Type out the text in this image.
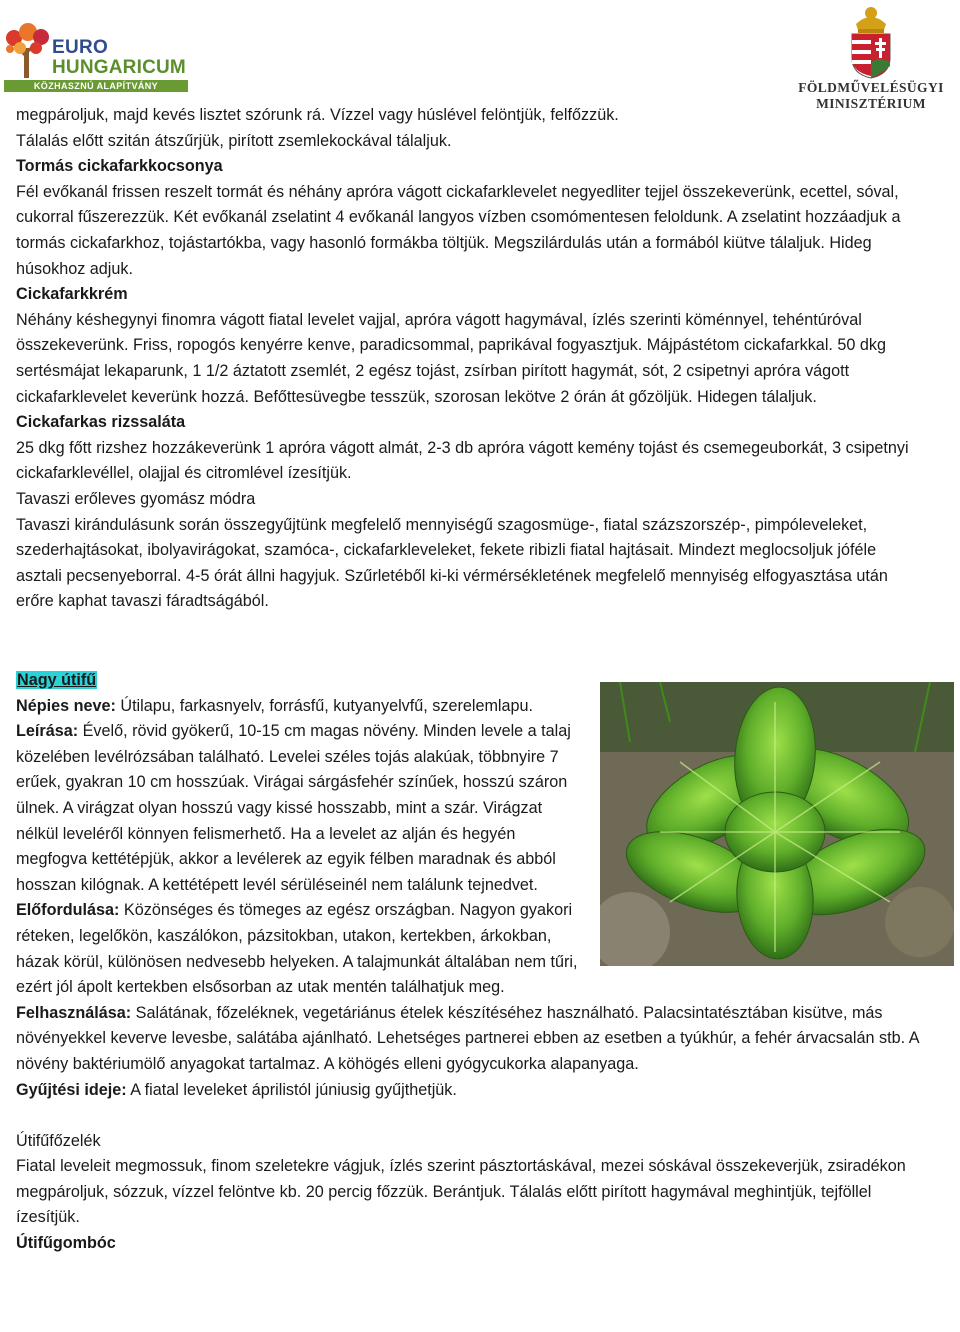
EURO
HUNGARICUM
KÖZHASZNÚ ALAPÍTVÁNY	FÖLDMŰVELÉSÜGYI
MINISZTÉRIUM

megpároljuk, majd kevés lisztet szórunk rá. Vízzel vagy húslével felöntjük, felfőzzük.

Tálalás előtt szitán átszűrjük, pirított zsemlekockával tálaljuk.

Tormás cickafarkkocsonya

Fél evőkanál frissen reszelt tormát és néhány apróra vágott cickafarklevelet negyedliter tejjel összekeverünk, ecettel, sóval, cukorral fűszerezzük. Két evőkanál zselatint 4 evőkanál langyos vízben csomómentesen feloldunk. A zselatint hozzáadjuk a tormás cickafarkhoz, tojástartókba, vagy hasonló formákba töltjük. Megszilárdulás után a formából kiütve tálaljuk. Hideg húsokhoz adjuk.

Cickafarkkrém

Néhány késhegynyi finomra vágott fiatal levelet vajjal, apróra vágott hagymával, ízlés szerinti köménnyel, tehéntúróval összekeverünk. Friss, ropogós kenyérre kenve, paradicsommal, paprikával fogyasztjuk. Májpástétom cickafarkkal. 50 dkg sertésmájat lekaparunk, 1 1/2 áztatott zsemlét, 2 egész tojást, zsírban pirított hagymát, sót, 2 csipetnyi apróra vágott cickafarklevelet keverünk hozzá. Befőttesüvegbe tesszük, szorosan lekötve 2 órán át gőzöljük. Hidegen tálaljuk.

Cickafarkas rizssaláta

25 dkg főtt rizshez hozzákeverünk 1 apróra vágott almát, 2-3 db apróra vágott kemény tojást és csemegeuborkát, 3 csipetnyi cickafarklevéllel, olajjal és citromlével ízesítjük.

Tavaszi erőleves gyomász módra

Tavaszi kirándulásunk során összegyűjtünk megfelelő mennyiségű szagosmüge-, fiatal százszorszép-, pimpóleveleket, szederhajtásokat, ibolyavirágokat, szamóca-, cickafarkleveleket, fekete ribizli fiatal hajtásait. Mindezt meglocsoljuk jóféle asztali pecsenyeborral. 4-5 órát állni hagyjuk. Szűrletéből ki-ki vérmérsékletének megfelelő mennyiség elfogyasztása után erőre kaphat tavaszi fáradtságából.

Nagy útifű

Népies neve: Útilapu, farkasnyelv, forrásfű, kutyanyelvfű, szerelemlapu.

Leírása: Évelő, rövid gyökerű, 10-15 cm magas növény. Minden levele a talaj közelében levélrózsában található. Levelei széles tojás alakúak, többnyire 7 erűek, gyakran 10 cm hosszúak. Virágai sárgásfehér színűek, hosszú száron ülnek. A virágzat olyan hosszú vagy kissé hosszabb, mint a szár. Virágzat nélkül leveléről könnyen felismerhető. Ha a levelet az alján és hegyén megfogva kettétépjük, akkor a levélerek az egyik félben maradnak és abból hosszan kilógnak. A kettétépett levél sérüléseinél nem találunk tejnedvet.

Előfordulása: Közönséges és tömeges az egész országban. Nagyon gyakori réteken, legelőkön, kaszálókon, pázsitokban, utakon, kertekben, árkokban, házak körül, különösen nedvesebb helyeken. A talajmunkát általában nem tűri, ezért jól ápolt kertekben elsősorban az utak mentén találhatjuk meg.

Felhasználása: Salátának, főzeléknek, vegetáriánus ételek készítéséhez használható. Palacsintatésztában kisütve, más növényekkel keverve levesbe, salátába ajánlható. Lehetséges partnerei ebben az esetben a tyúkhúr, a fehér árvacsalán stb. A növény baktériumölő anyagokat tartalmaz. A köhögés elleni gyógycukorka alapanyaga.

Gyűjtési ideje: A fiatal leveleket áprilistól júniusig gyűjthetjük.

Útifűfőzelék

Fiatal leveleit megmossuk, finom szeletekre vágjuk, ízlés szerint pásztortáskával, mezei sóskával összekeverjük, zsiradékon megpároljuk, sózzuk, vízzel felöntve kb. 20 percig főzzük. Berántjuk. Tálalás előtt pirított hagymával meghintjük, tejföllel ízesítjük.

Útifűgombóc
